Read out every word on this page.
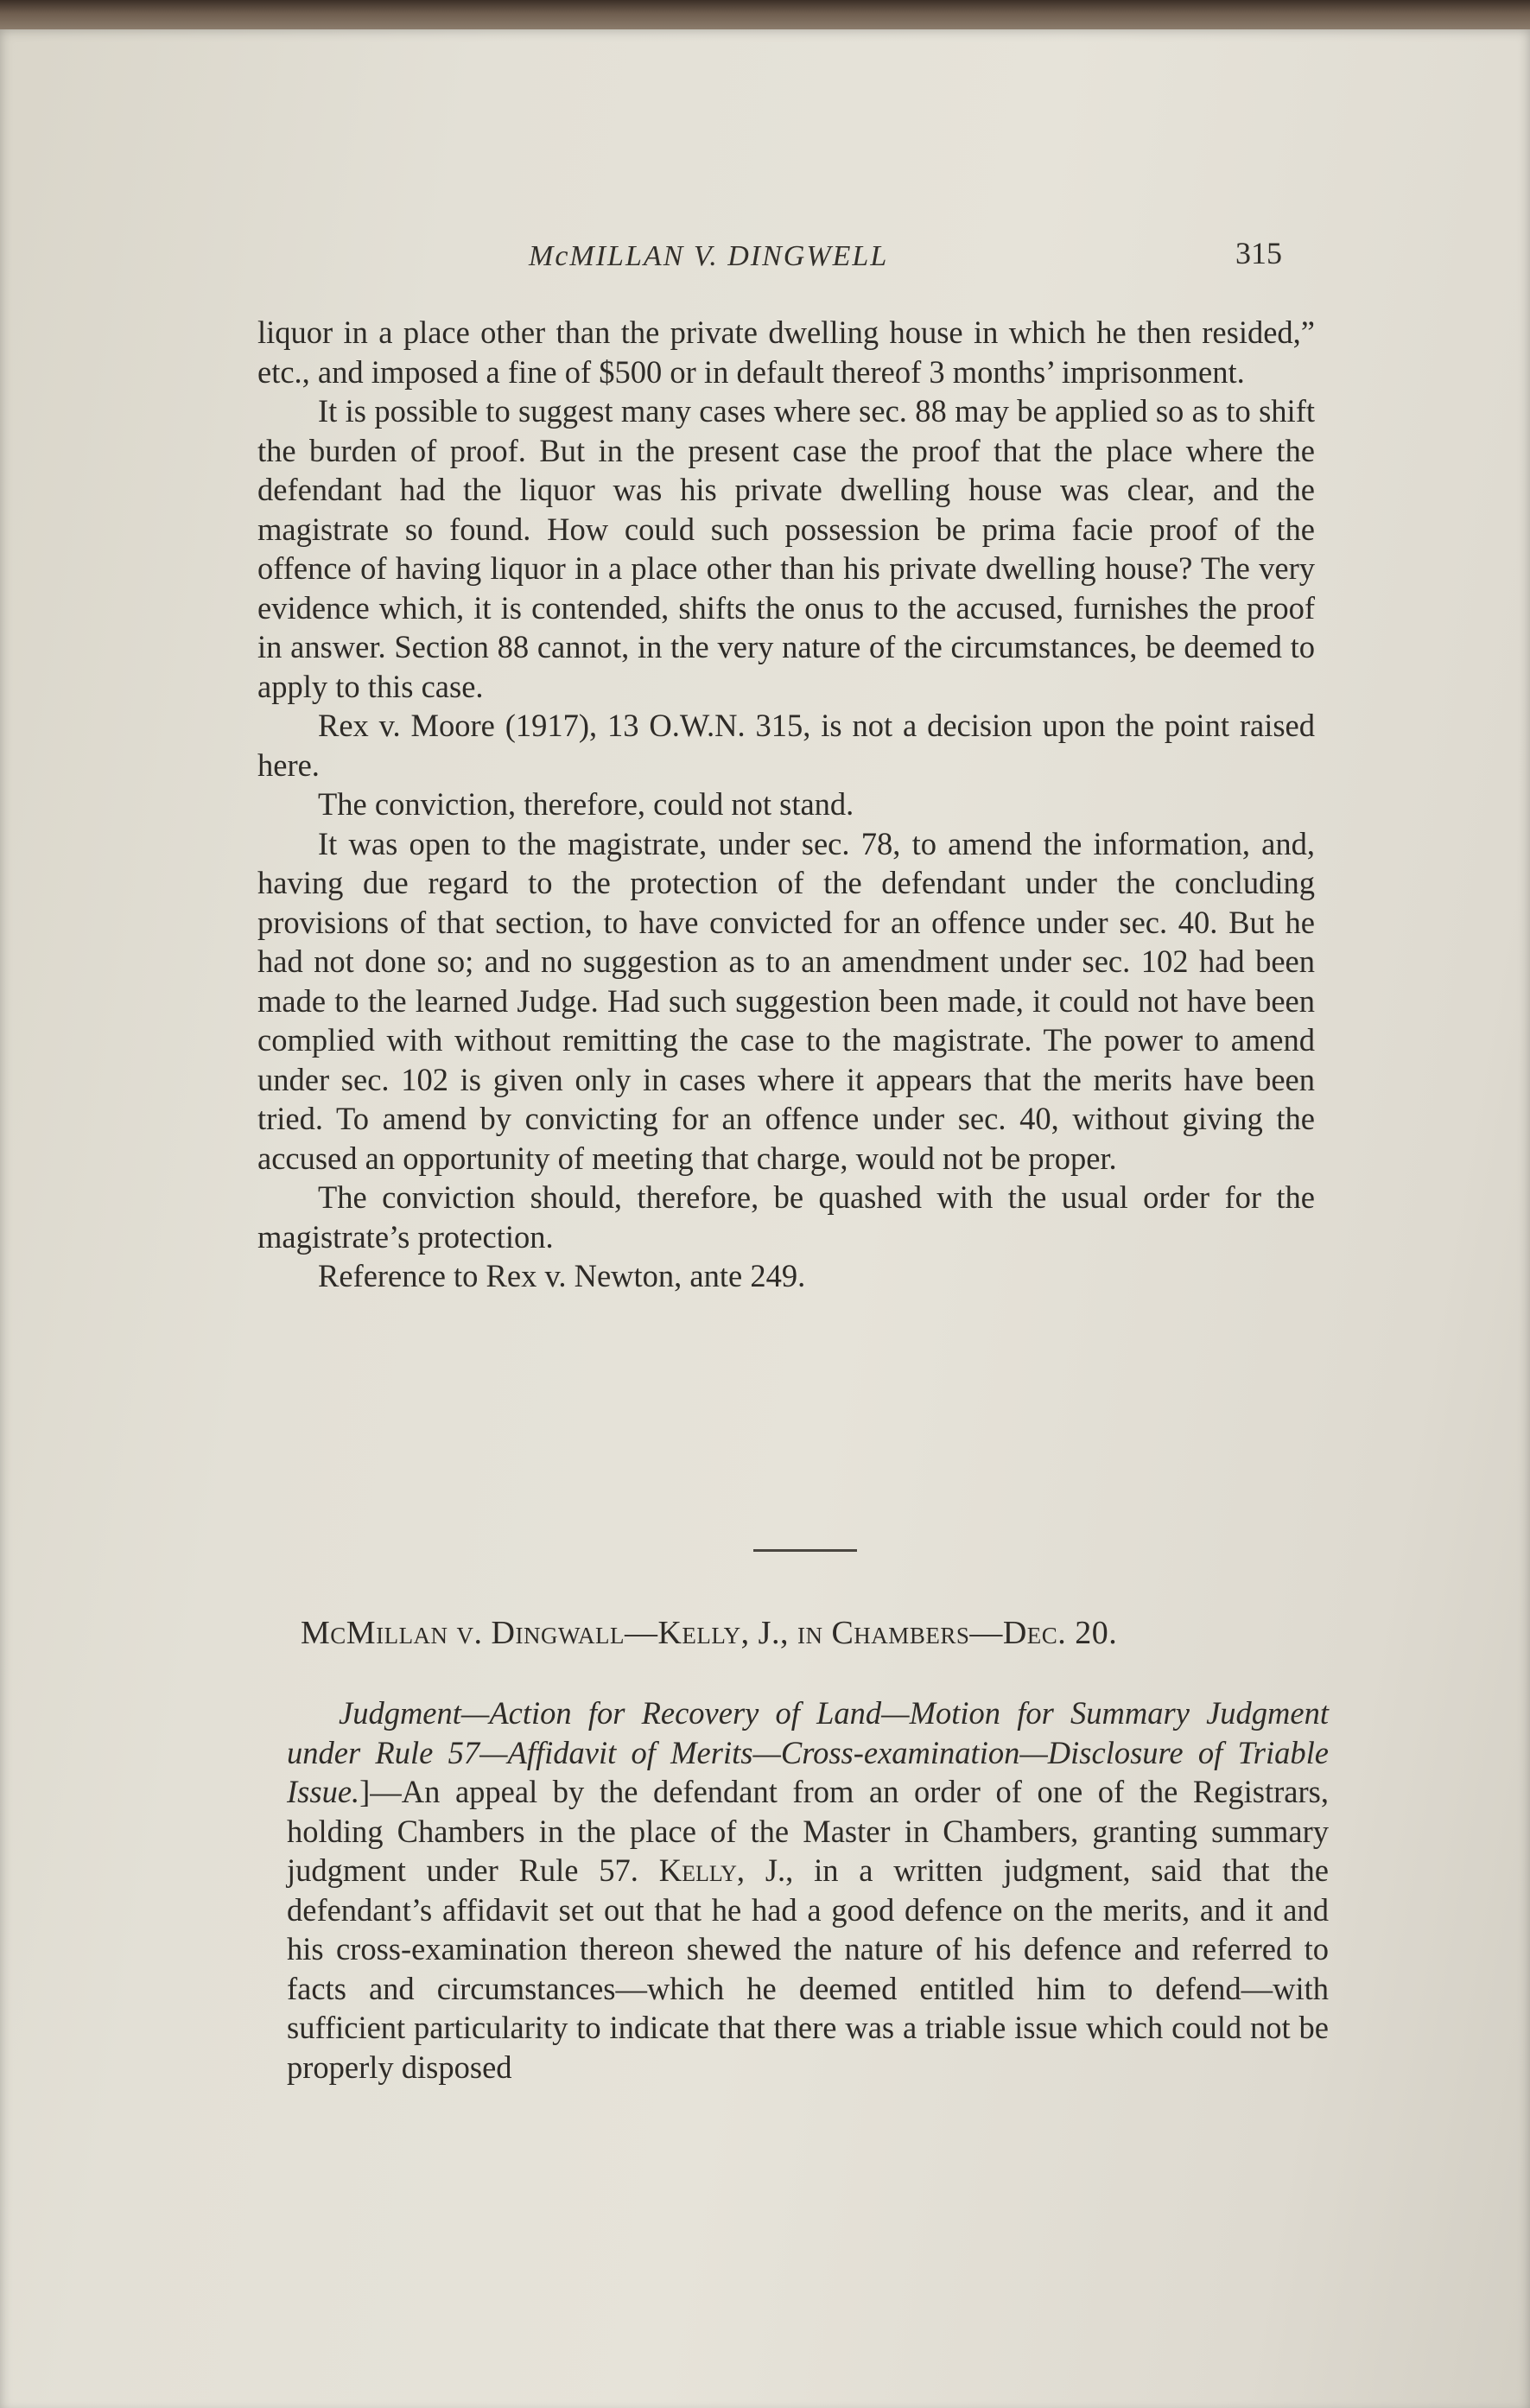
McMILLAN V. DINGWELL	315

liquor in a place other than the private dwelling house in which he then resided,” etc., and imposed a fine of $500 or in default thereof 3 months’ imprisonment.

It is possible to suggest many cases where sec. 88 may be applied so as to shift the burden of proof. But in the present case the proof that the place where the defendant had the liquor was his private dwelling house was clear, and the magistrate so found. How could such possession be prima facie proof of the offence of having liquor in a place other than his private dwelling house? The very evidence which, it is contended, shifts the onus to the accused, furnishes the proof in answer. Section 88 cannot, in the very nature of the circumstances, be deemed to apply to this case.

Rex v. Moore (1917), 13 O.W.N. 315, is not a decision upon the point raised here.

The conviction, therefore, could not stand.

It was open to the magistrate, under sec. 78, to amend the information, and, having due regard to the protection of the defendant under the concluding provisions of that section, to have convicted for an offence under sec. 40. But he had not done so; and no suggestion as to an amendment under sec. 102 had been made to the learned Judge. Had such suggestion been made, it could not have been complied with without remitting the case to the magistrate. The power to amend under sec. 102 is given only in cases where it appears that the merits have been tried. To amend by convicting for an offence under sec. 40, without giving the accused an opportunity of meeting that charge, would not be proper.

The conviction should, therefore, be quashed with the usual order for the magistrate’s protection.

Reference to Rex v. Newton, ante 249.

McMillan v. Dingwall—Kelly, J., in Chambers—Dec. 20.

Judgment—Action for Recovery of Land—Motion for Summary Judgment under Rule 57—Affidavit of Merits—Cross-examination—Disclosure of Triable Issue.]—An appeal by the defendant from an order of one of the Registrars, holding Chambers in the place of the Master in Chambers, granting summary judgment under Rule 57. Kelly, J., in a written judgment, said that the defendant’s affidavit set out that he had a good defence on the merits, and it and his cross-examination thereon shewed the nature of his defence and referred to facts and circumstances—which he deemed entitled him to defend—with sufficient particularity to indicate that there was a triable issue which could not be properly disposed
